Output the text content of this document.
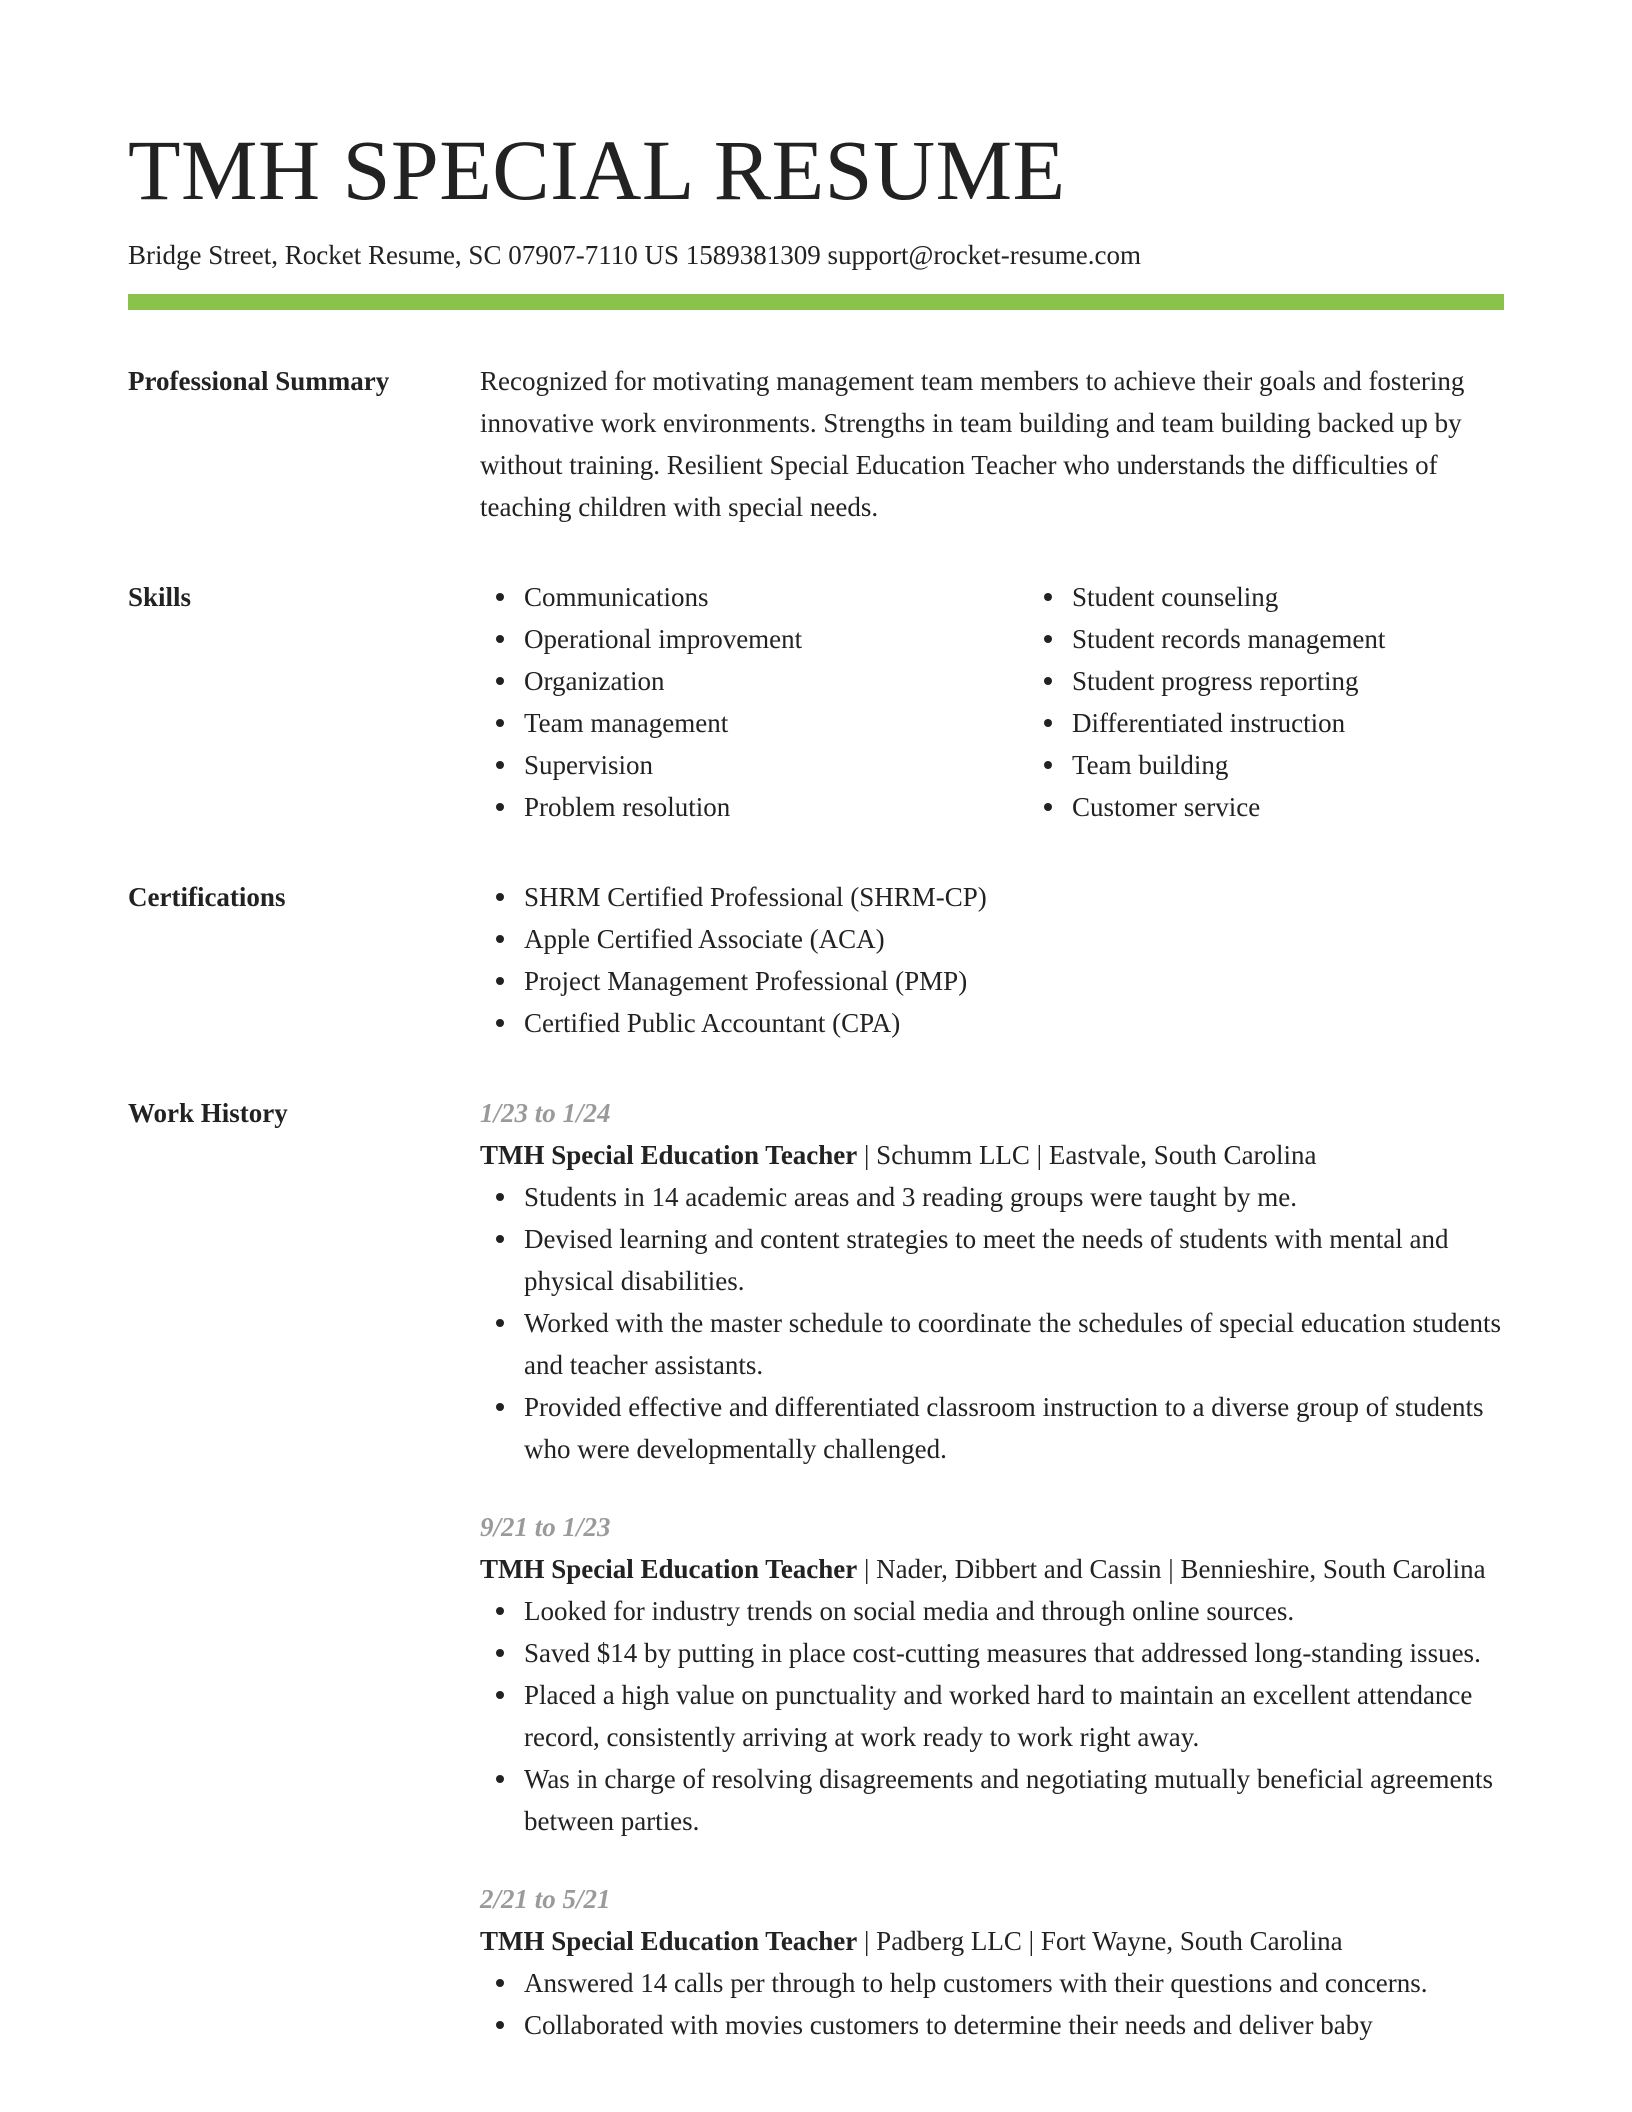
TMH SPECIAL RESUME
Bridge Street, Rocket Resume, SC 07907-7110 US 1589381309 support@rocket-resume.com
Professional Summary	Recognized for motivating management team members to achieve their goals and fostering innovative work environments. Strengths in team building and team building backed up by without training. Resilient Special Education Teacher who understands the difficulties of teaching children with special needs.

Skills	Communications
Operational improvement
Organization
Team management
Supervision
Problem resolution
Student counseling
Student records management
Student progress reporting
Differentiated instruction
Team building
Customer service
Certifications	SHRM Certified Professional (SHRM-CP)
Apple Certified Associate (ACA)
Project Management Professional (PMP)
Certified Public Accountant (CPA)
Work History	1/23 to 1/24
TMH Special Education Teacher | Schumm LLC | Eastvale, South Carolina
Students in 14 academic areas and 3 reading groups were taught by me.
Devised learning and content strategies to meet the needs of students with mental and physical disabilities.
Worked with the master schedule to coordinate the schedules of special education students and teacher assistants.
Provided effective and differentiated classroom instruction to a diverse group of students who were developmentally challenged.
9/21 to 1/23
TMH Special Education Teacher | Nader, Dibbert and Cassin | Bennieshire, South Carolina
Looked for industry trends on social media and through online sources.
Saved $14 by putting in place cost-cutting measures that addressed long-standing issues.
Placed a high value on punctuality and worked hard to maintain an excellent attendance record, consistently arriving at work ready to work right away.
Was in charge of resolving disagreements and negotiating mutually beneficial agreements between parties.
2/21 to 5/21
TMH Special Education Teacher | Padberg LLC | Fort Wayne, South Carolina
Answered 14 calls per through to help customers with their questions and concerns.
Collaborated with movies customers to determine their needs and deliver baby
